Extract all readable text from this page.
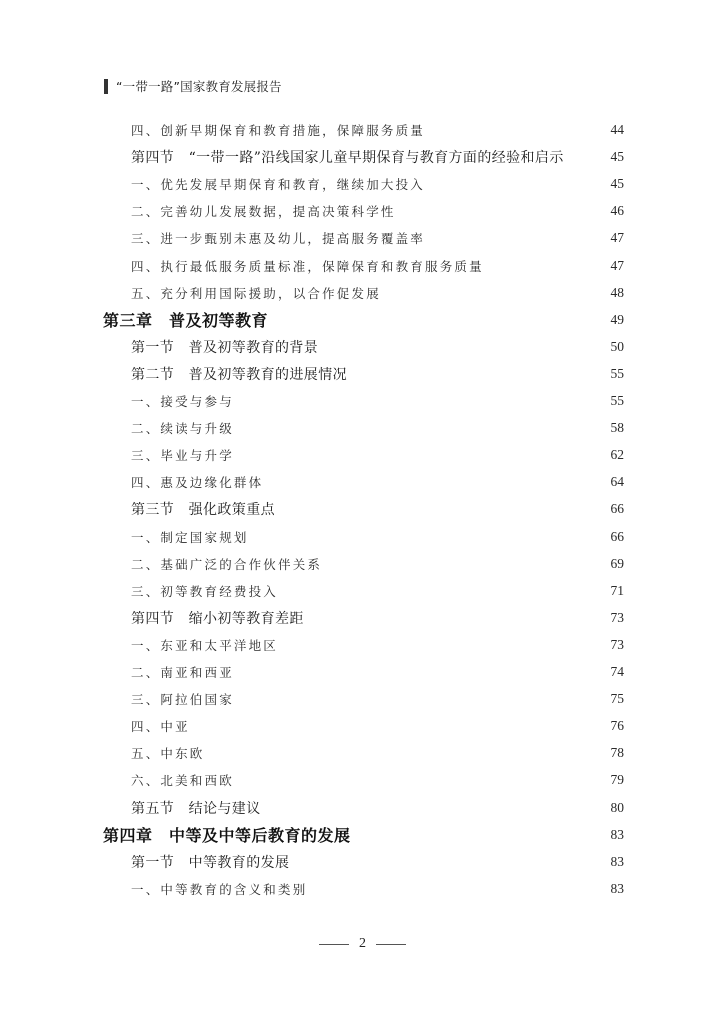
“一带一路”国家教育发展报告
四、创新早期保育和教育措施，保障服务质量	44
第四节　“一带一路”沿线国家儿童早期保育与教育方面的经验和启示	45
一、优先发展早期保育和教育，继续加大投入	45
二、完善幼儿发展数据，提高决策科学性	46
三、进一步甄别未惠及幼儿，提高服务覆盖率	47
四、执行最低服务质量标准，保障保育和教育服务质量	47
五、充分利用国际援助，以合作促发展	48
第三章　普及初等教育	49
第一节　普及初等教育的背景	50
第二节　普及初等教育的进展情况	55
一、接受与参与	55
二、续读与升级	58
三、毕业与升学	62
四、惠及边缘化群体	64
第三节　强化政策重点	66
一、制定国家规划	66
二、基础广泛的合作伙伴关系	69
三、初等教育经费投入	71
第四节　缩小初等教育差距	73
一、东亚和太平洋地区	73
二、南亚和西亚	74
三、阿拉伯国家	75
四、中亚	76
五、中东欧	78
六、北美和西欧	79
第五节　结论与建议	80
第四章　中等及中等后教育的发展	83
第一节　中等教育的发展	83
一、中等教育的含义和类别	83
2
